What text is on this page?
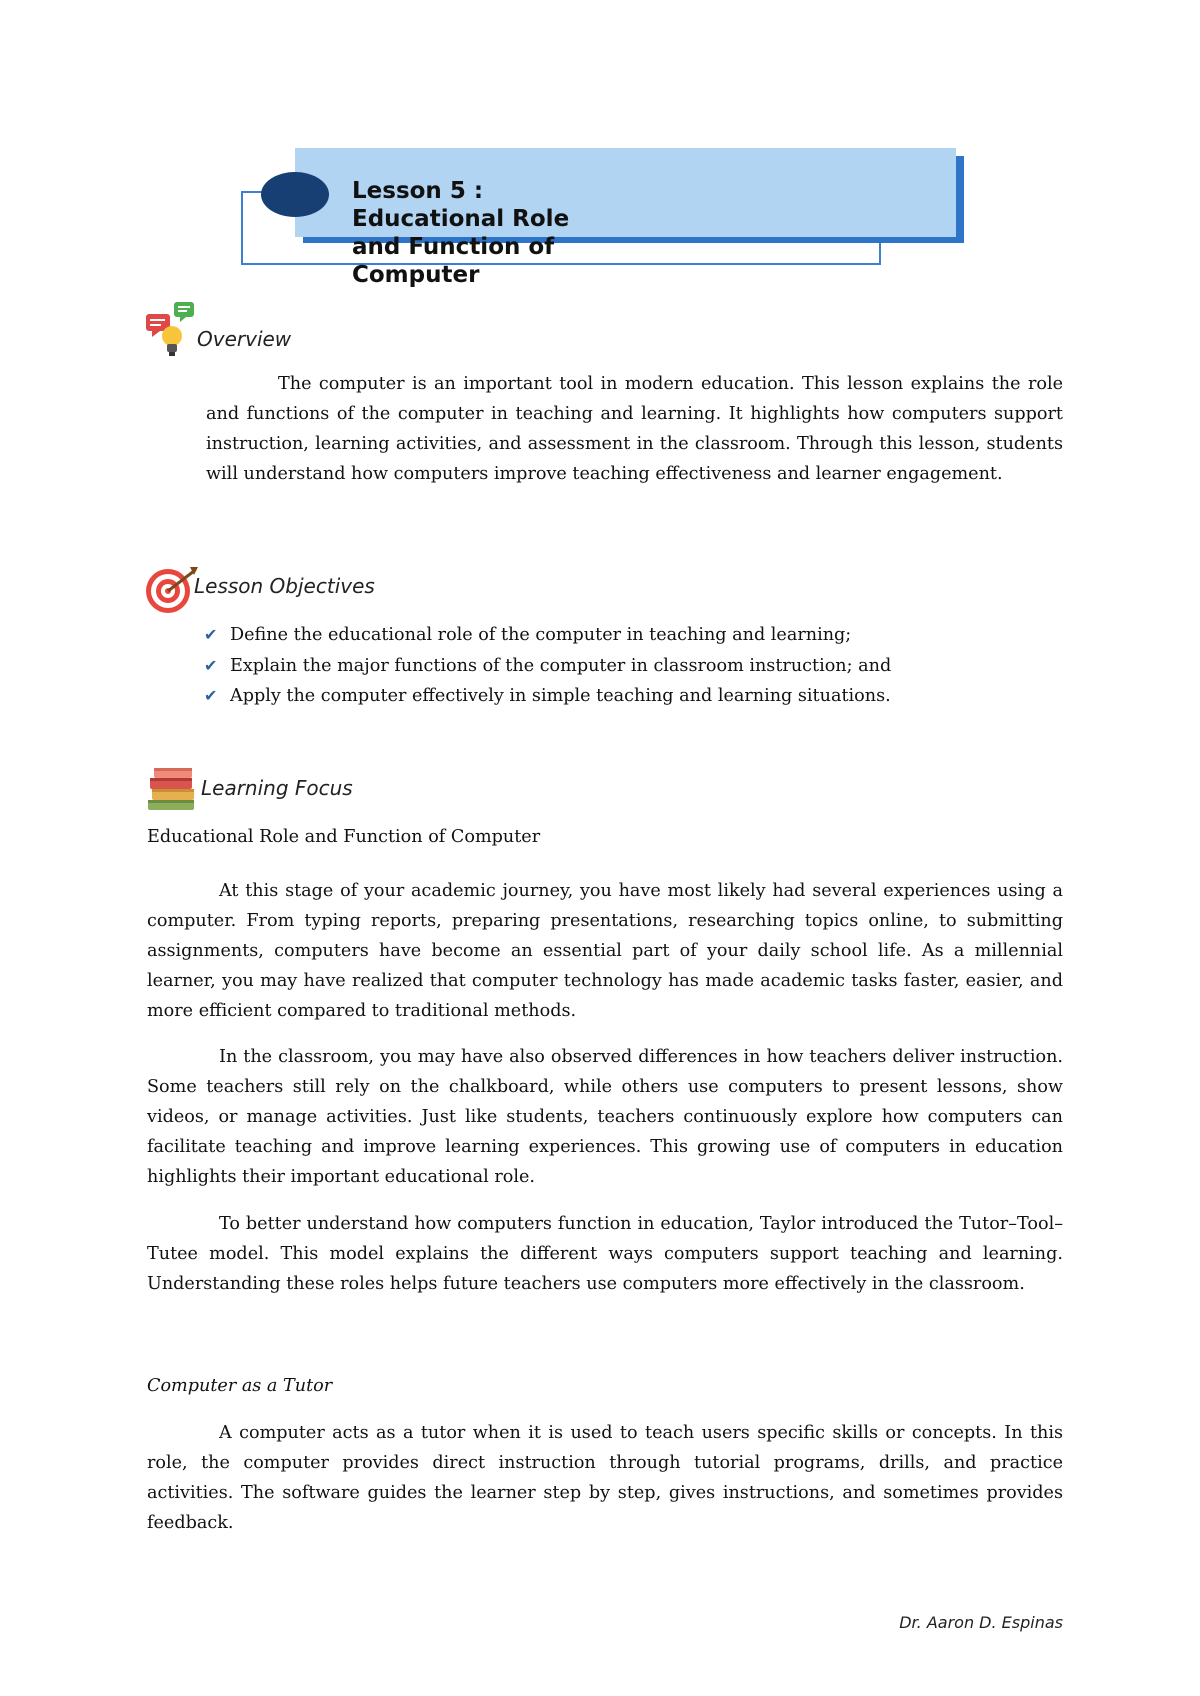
Lesson 5 : Educational Role and Function of Computer
Overview

The computer is an important tool in modern education. This lesson explains the role and functions of the computer in teaching and learning. It highlights how computers support instruction, learning activities, and assessment in the classroom. Through this lesson, students will understand how computers improve teaching effectiveness and learner engagement.

Lesson Objectives
✔ Define the educational role of the computer in teaching and learning;
✔ Explain the major functions of the computer in classroom instruction; and
✔ Apply the computer effectively in simple teaching and learning situations.
Learning Focus
Educational Role and Function of Computer

At this stage of your academic journey, you have most likely had several experiences using a computer. From typing reports, preparing presentations, researching topics online, to submitting assignments, computers have become an essential part of your daily school life. As a millennial learner, you may have realized that computer technology has made academic tasks faster, easier, and more efficient compared to traditional methods.

In the classroom, you may have also observed differences in how teachers deliver instruction. Some teachers still rely on the chalkboard, while others use computers to present lessons, show videos, or manage activities. Just like students, teachers continuously explore how computers can facilitate teaching and improve learning experiences. This growing use of computers in education highlights their important educational role.

To better understand how computers function in education, Taylor introduced the Tutor–Tool–Tutee model. This model explains the different ways computers support teaching and learning. Understanding these roles helps future teachers use computers more effectively in the classroom.

Computer as a Tutor

A computer acts as a tutor when it is used to teach users specific skills or concepts. In this role, the computer provides direct instruction through tutorial programs, drills, and practice activities. The software guides the learner step by step, gives instructions, and sometimes provides feedback.

Dr. Aaron D. Espinas
